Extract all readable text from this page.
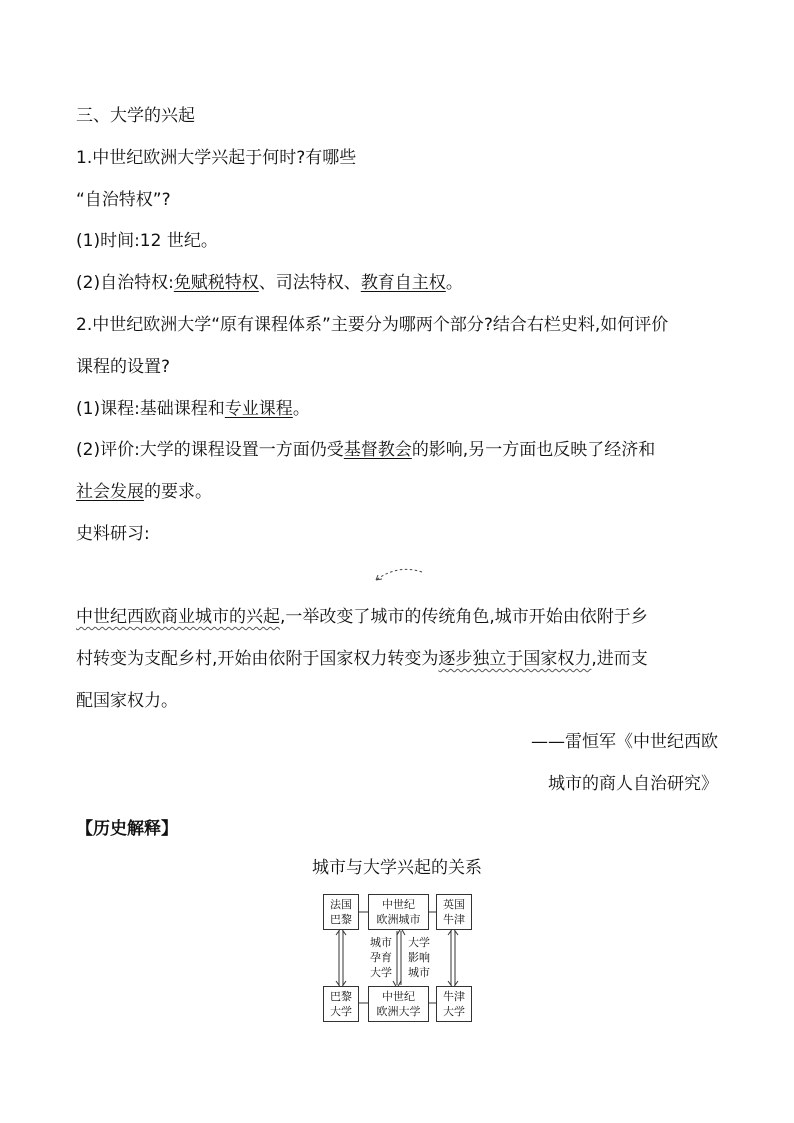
三、大学的兴起
1.中世纪欧洲大学兴起于何时?有哪些
“自治特权”?
(1)时间:12 世纪。
(2)自治特权:免赋税特权、司法特权、教育自主权。
2.中世纪欧洲大学“原有课程体系”主要分为哪两个部分?结合右栏史料,如何评价
课程的设置?
(1)课程:基础课程和专业课程。
(2)评价:大学的课程设置一方面仍受基督教会的影响,另一方面也反映了经济和
社会发展的要求。
史料研习:
中世纪西欧商业城市的兴起,一举改变了城市的传统角色,城市开始由依附于乡
村转变为支配乡村,开始由依附于国家权力转变为逐步独立于国家权力,进而支
配国家权力。
——雷恒军《中世纪西欧
城市的商人自治研究》
【历史解释】
城市与大学兴起的关系
法国
巴黎
中世纪
欧洲城市
英国
牛津
巴黎
大学
中世纪
欧洲大学
牛津
大学
城市
孕育
大学
大学
影响
城市
